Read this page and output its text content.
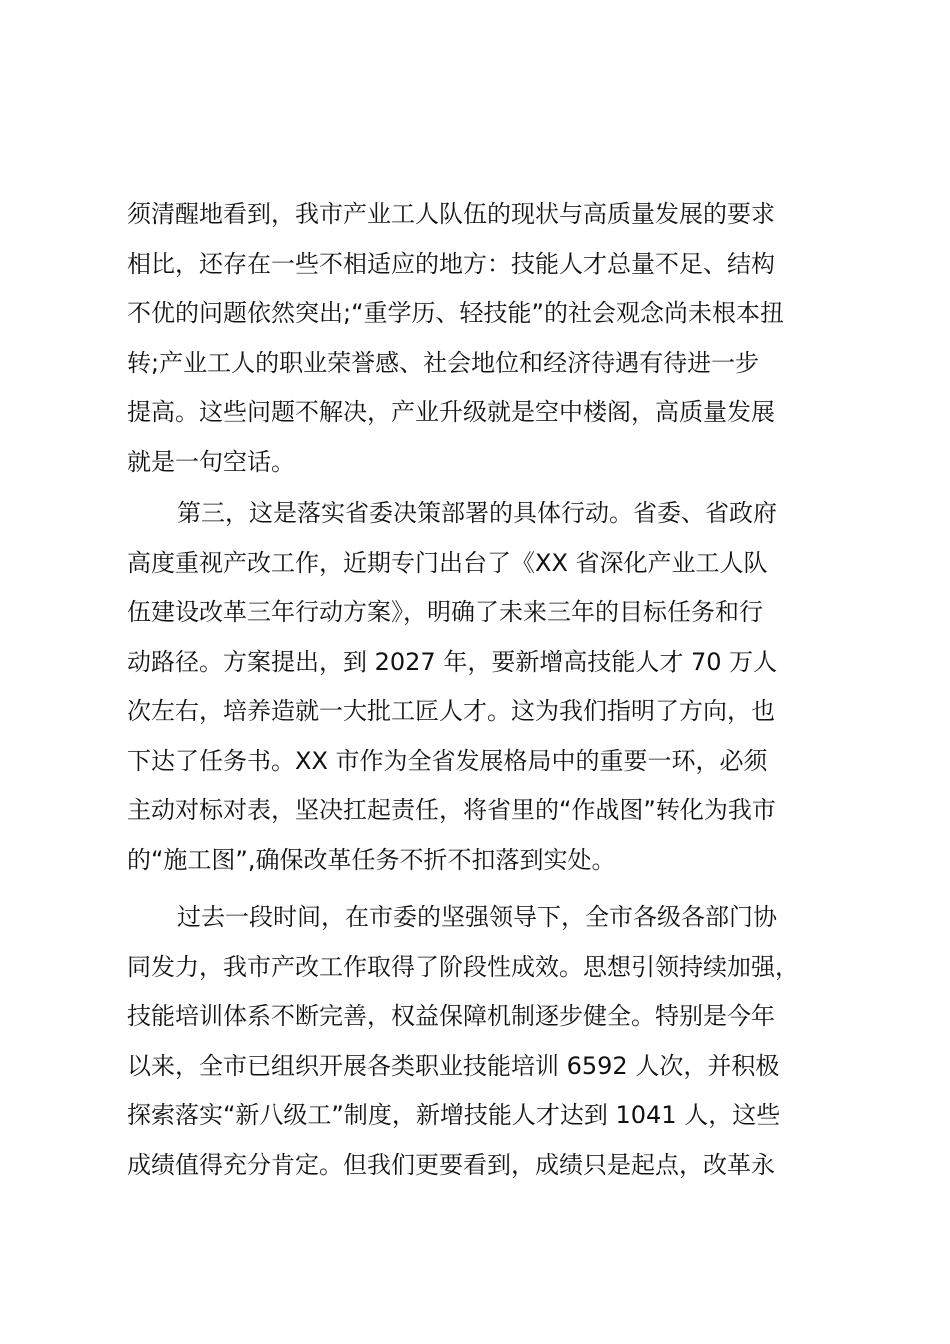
须清醒地看到，我市产业工人队伍的现状与高质量发展的要求
相比，还存在一些不相适应的地方：技能人才总量不足、结构
不优的问题依然突出;“重学历、轻技能”的社会观念尚未根本扭
转;产业工人的职业荣誉感、社会地位和经济待遇有待进一步
提高。这些问题不解决，产业升级就是空中楼阁，高质量发展
就是一句空话。
第三，这是落实省委决策部署的具体行动。省委、省政府
高度重视产改工作，近期专门出台了《XX 省深化产业工人队
伍建设改革三年行动方案》，明确了未来三年的目标任务和行
动路径。方案提出，到 2027 年，要新增高技能人才 70 万人
次左右，培养造就一大批工匠人才。这为我们指明了方向，也
下达了任务书。XX 市作为全省发展格局中的重要一环，必须
主动对标对表，坚决扛起责任，将省里的“作战图”转化为我市
的“施工图”,确保改革任务不折不扣落到实处。
过去一段时间，在市委的坚强领导下，全市各级各部门协
同发力，我市产改工作取得了阶段性成效。思想引领持续加强，
技能培训体系不断完善，权益保障机制逐步健全。特别是今年
以来，全市已组织开展各类职业技能培训 6592 人次，并积极
探索落实“新八级工”制度，新增技能人才达到 1041 人，这些
成绩值得充分肯定。但我们更要看到，成绩只是起点，改革永
